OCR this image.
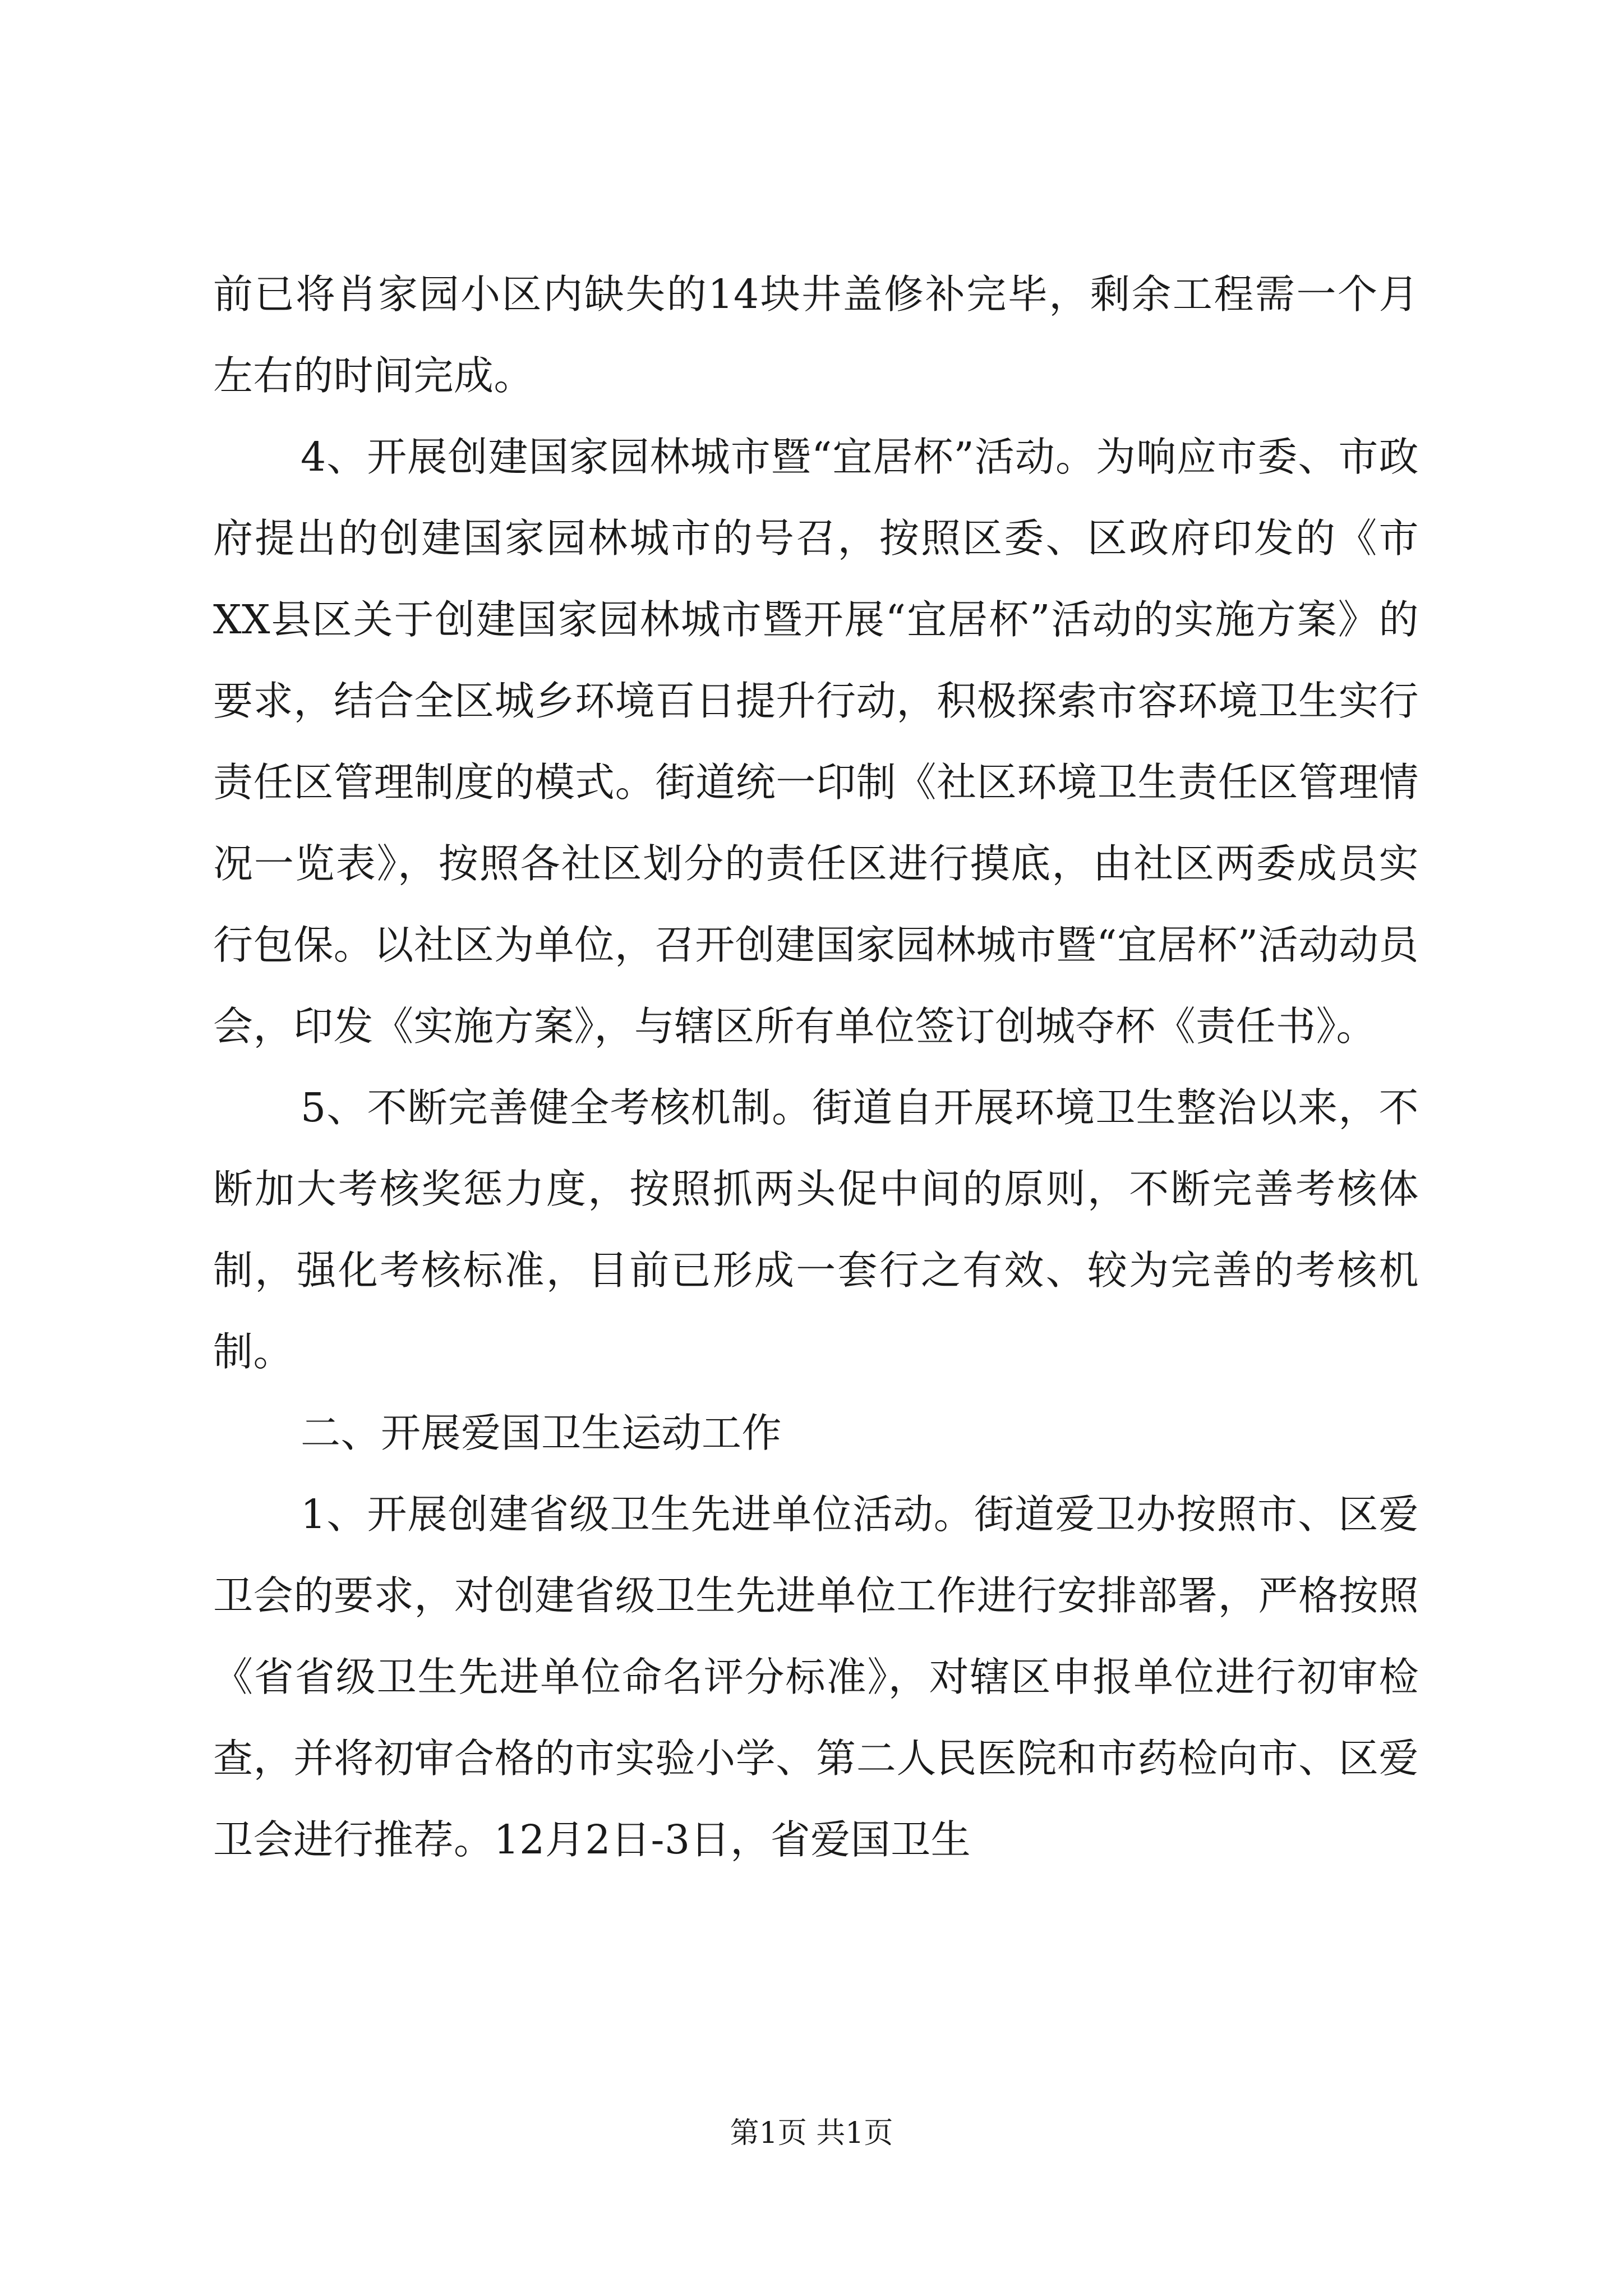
前已将肖家园小区内缺失的14块井盖修补完毕，剩余工程需一个月左右的时间完成。

4、开展创建国家园林城市暨“宜居杯”活动。为响应市委、市政府提出的创建国家园林城市的号召，按照区委、区政府印发的《市XX县区关于创建国家园林城市暨开展“宜居杯”活动的实施方案》的要求，结合全区城乡环境百日提升行动，积极探索市容环境卫生实行责任区管理制度的模式。街道统一印制《社区环境卫生责任区管理情况一览表》，按照各社区划分的责任区进行摸底，由社区两委成员实行包保。以社区为单位，召开创建国家园林城市暨“宜居杯”活动动员会，印发《实施方案》，与辖区所有单位签订创城夺杯《责任书》。

5、不断完善健全考核机制。街道自开展环境卫生整治以来，不断加大考核奖惩力度，按照抓两头促中间的原则，不断完善考核体制，强化考核标准，目前已形成一套行之有效、较为完善的考核机制。

二、开展爱国卫生运动工作

1、开展创建省级卫生先进单位活动。街道爱卫办按照市、区爱卫会的要求，对创建省级卫生先进单位工作进行安排部署，严格按照《省省级卫生先进单位命名评分标准》，对辖区申报单位进行初审检查，并将初审合格的市实验小学、第二人民医院和市药检向市、区爱卫会进行推荐。12月2日-3日，省爱国卫生

第1页 共1页
